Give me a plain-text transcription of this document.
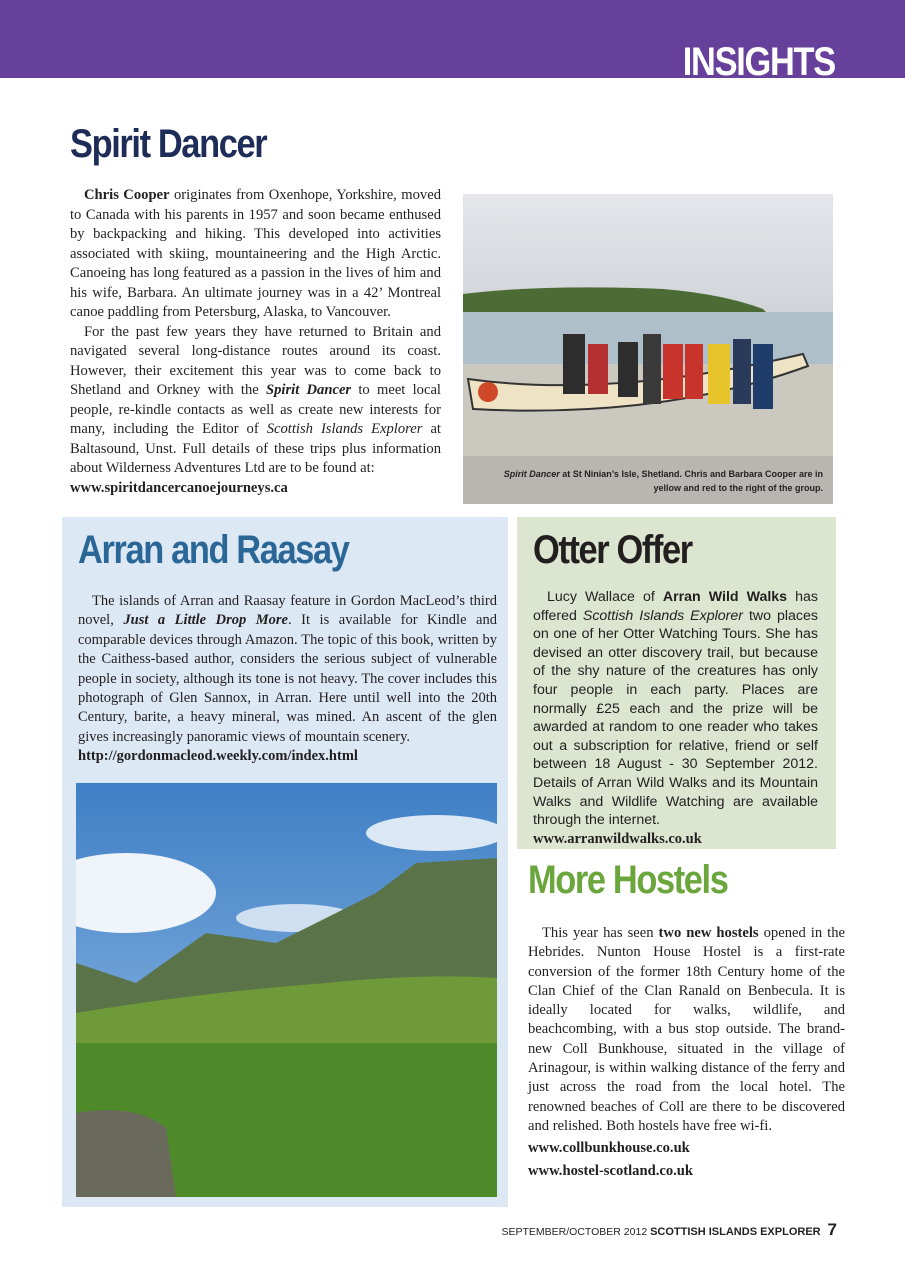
INSIGHTS
Spirit Dancer

Chris Cooper originates from Oxenhope, Yorkshire, moved to Canada with his parents in 1957 and soon became enthused by backpacking and hiking. This developed into activities associated with skiing, mountaineering and the High Arctic. Canoeing has long featured as a passion in the lives of him and his wife, Barbara. An ultimate journey was in a 42’ Montreal canoe paddling from Petersburg, Alaska, to Vancouver.

For the past few years they have returned to Britain and navigated several long-distance routes around its coast. However, their excitement this year was to come back to Shetland and Orkney with the Spirit Dancer to meet local people, re-kindle contacts as well as create new interests for many, including the Editor of Scottish Islands Explorer at Baltasound, Unst. Full details of these trips plus information about Wilderness Adventures Ltd are to be found at:

www.spiritdancercanoejourneys.ca
Spirit Dancer at St Ninian’s Isle, Shetland. Chris and Barbara Cooper are in yellow and red to the right of the group.
Arran and Raasay

The islands of Arran and Raasay feature in Gordon MacLeod’s third novel, Just a Little Drop More. It is available for Kindle and comparable devices through Amazon. The topic of this book, written by the Caithess-based author, considers the serious subject of vulnerable people in society, although its tone is not heavy. The cover includes this photograph of Glen Sannox, in Arran. Here until well into the 20th Century, barite, a heavy mineral, was mined. An ascent of the glen gives increasingly panoramic views of mountain scenery.

http://gordonmacleod.weekly.com/index.html
Otter Offer

Lucy Wallace of Arran Wild Walks has offered Scottish Islands Explorer two places on one of her Otter Watching Tours. She has devised an otter discovery trail, but because of the shy nature of the creatures has only four people in each party. Places are normally £25 each and the prize will be awarded at random to one reader who takes out a subscription for relative, friend or self between 18 August - 30 September 2012. Details of Arran Wild Walks and its Mountain Walks and Wildlife Watching are available through the internet.

www.arranwildwalks.co.uk
More Hostels

This year has seen two new hostels opened in the Hebrides. Nunton House Hostel is a first-rate conversion of the former 18th Century home of the Clan Chief of the Clan Ranald on Benbecula. It is ideally located for walks, wildlife, and beachcombing, with a bus stop outside. The brand-new Coll Bunkhouse, situated in the village of Arinagour, is within walking distance of the ferry and just across the road from the local hotel. The renowned beaches of Coll are there to be discovered and relished. Both hostels have free wi-fi.

www.collbunkhouse.co.uk
www.hostel-scotland.co.uk
SEPTEMBER/OCTOBER 2012 SCOTTISH ISLANDS EXPLORER 7
